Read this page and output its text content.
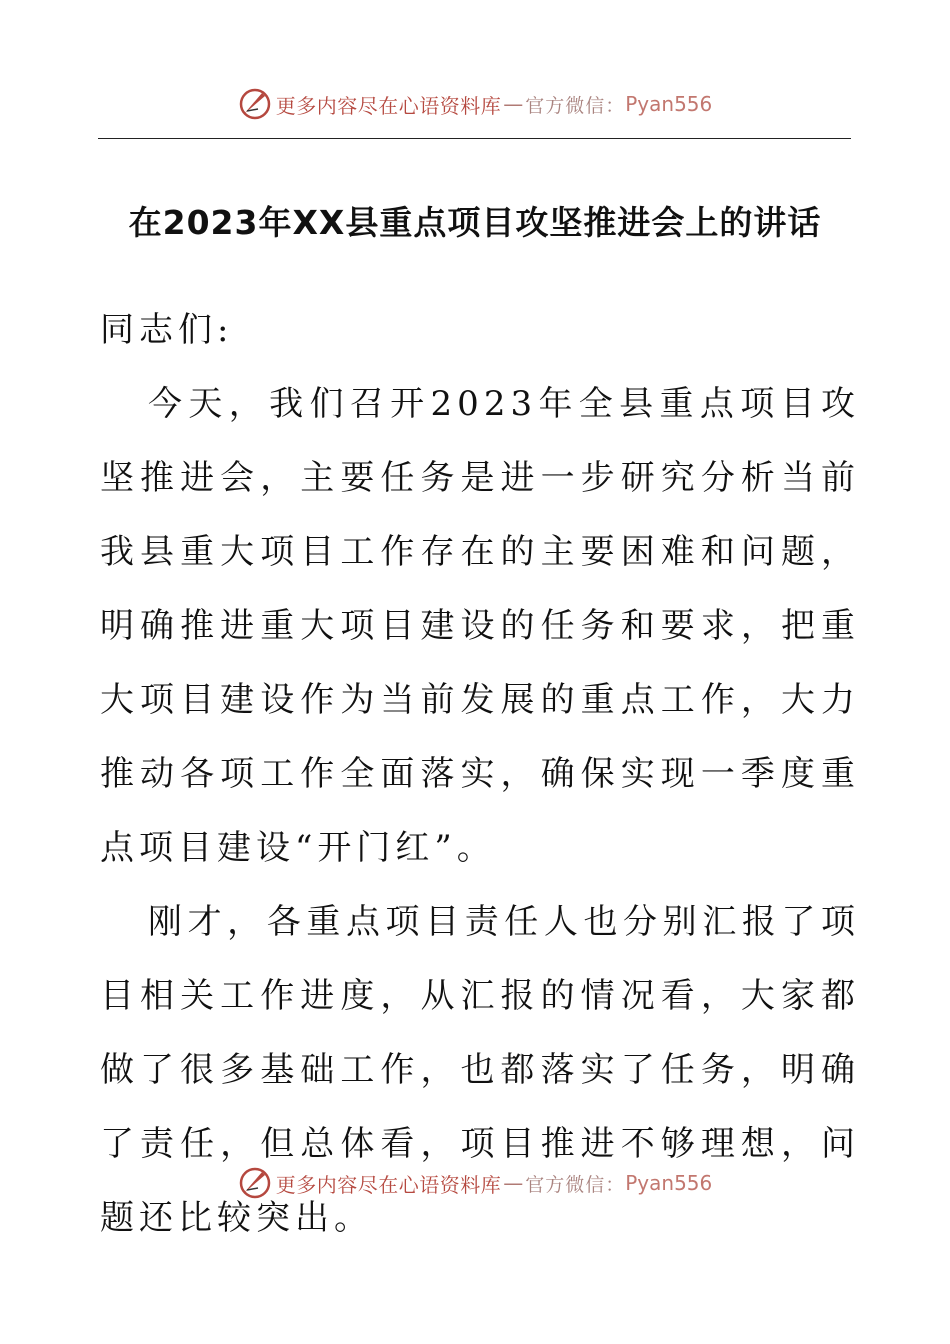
更多内容尽在心语资料库 — 官方微信： Pyan556
在2023年XX县重点项目攻坚推进会上的讲话

同志们:

今天，我们召开2023年全县重点项目攻坚推进会，主要任务是进一步研究分析当前我县重大项目工作存在的主要困难和问题，明确推进重大项目建设的任务和要求，把重大项目建设作为当前发展的重点工作，大力推动各项工作全面落实，确保实现一季度重点项目建设“开门红”。

刚才，各重点项目责任人也分别汇报了项目相关工作进度，从汇报的情况看，大家都做了很多基础工作，也都落实了任务，明确了责任，但总体看，项目推进不够理想，问题还比较突出。

更多内容尽在心语资料库 — 官方微信： Pyan556
